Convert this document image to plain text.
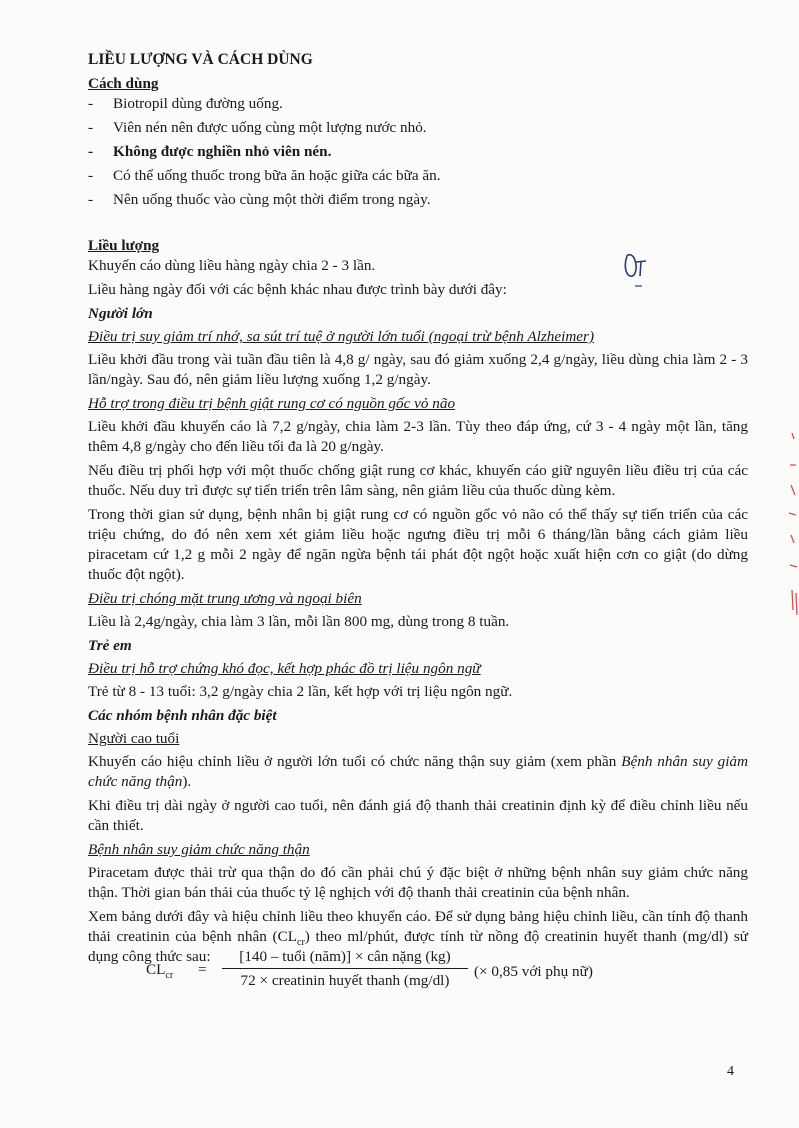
LIỀU LƯỢNG VÀ CÁCH DÙNG
Cách dùng
- Biotropil dùng đường uống.
- Viên nén nên được uống cùng một lượng nước nhỏ.
- Không được nghiền nhỏ viên nén.
- Có thể uống thuốc trong bữa ăn hoặc giữa các bữa ăn.
- Nên uống thuốc vào cùng một thời điểm trong ngày.
Liều lượng

Khuyến cáo dùng liều hàng ngày chia 2 - 3 lần.

Liều hàng ngày đối với các bệnh khác nhau được trình bày dưới đây:

Người lớn
Điều trị suy giảm trí nhớ, sa sút trí tuệ ở người lớn tuổi (ngoại trừ bệnh Alzheimer)

Liều khởi đầu trong vài tuần đầu tiên là 4,8 g/ ngày, sau đó giảm xuống 2,4 g/ngày, liều dùng chia làm 2 - 3 lần/ngày. Sau đó, nên giảm liều lượng xuống 1,2 g/ngày.

Hỗ trợ trong điều trị bệnh giật rung cơ có nguồn gốc vỏ não

Liều khởi đầu khuyến cáo là 7,2 g/ngày, chia làm 2-3 lần. Tùy theo đáp ứng, cứ 3 - 4 ngày một lần, tăng thêm 4,8 g/ngày cho đến liều tối đa là 20 g/ngày.

Nếu điều trị phối hợp với một thuốc chống giật rung cơ khác, khuyến cáo giữ nguyên liều điều trị của các thuốc. Nếu duy trì được sự tiến triển trên lâm sàng, nên giảm liều của thuốc dùng kèm.

Trong thời gian sử dụng, bệnh nhân bị giật rung cơ có nguồn gốc vỏ não có thể thấy sự tiến triển của các triệu chứng, do đó nên xem xét giảm liều hoặc ngưng điều trị mỗi 6 tháng/lần bằng cách giảm liều piracetam cứ 1,2 g mỗi 2 ngày để ngăn ngừa bệnh tái phát đột ngột hoặc xuất hiện cơn co giật (do dừng thuốc đột ngột).

Điều trị chóng mặt trung ương và ngoại biên

Liều là 2,4g/ngày, chia làm 3 lần, mỗi lần 800 mg, dùng trong 8 tuần.

Trẻ em
Điều trị hỗ trợ chứng khó đọc, kết hợp phác đồ trị liệu ngôn ngữ

Trẻ từ 8 - 13 tuổi: 3,2 g/ngày chia 2 lần, kết hợp với trị liệu ngôn ngữ.

Các nhóm bệnh nhân đặc biệt
Người cao tuổi

Khuyến cáo hiệu chỉnh liều ở người lớn tuổi có chức năng thận suy giảm (xem phần Bệnh nhân suy giảm chức năng thận).

Khi điều trị dài ngày ở người cao tuổi, nên đánh giá độ thanh thải creatinin định kỳ để điều chỉnh liều nếu cần thiết.

Bệnh nhân suy giảm chức năng thận

Piracetam được thải trừ qua thận do đó cần phải chú ý đặc biệt ở những bệnh nhân suy giảm chức năng thận. Thời gian bán thải của thuốc tỷ lệ nghịch với độ thanh thải creatinin của bệnh nhân.

Xem bảng dưới đây và hiệu chỉnh liều theo khuyến cáo. Để sử dụng bảng hiệu chỉnh liều, cần tính độ thanh thải creatinin của bệnh nhân $(CL_{cr})$ theo ml/phút, được tính từ nồng độ creatinin huyết thanh (mg/dl) sử dụng công thức sau:

$CL_{cr}$ =
[140 – tuổi (năm)] × cân nặng (kg)
72 × creatinin huyết thanh (mg/dl)
(× 0,85 với phụ nữ)
4
